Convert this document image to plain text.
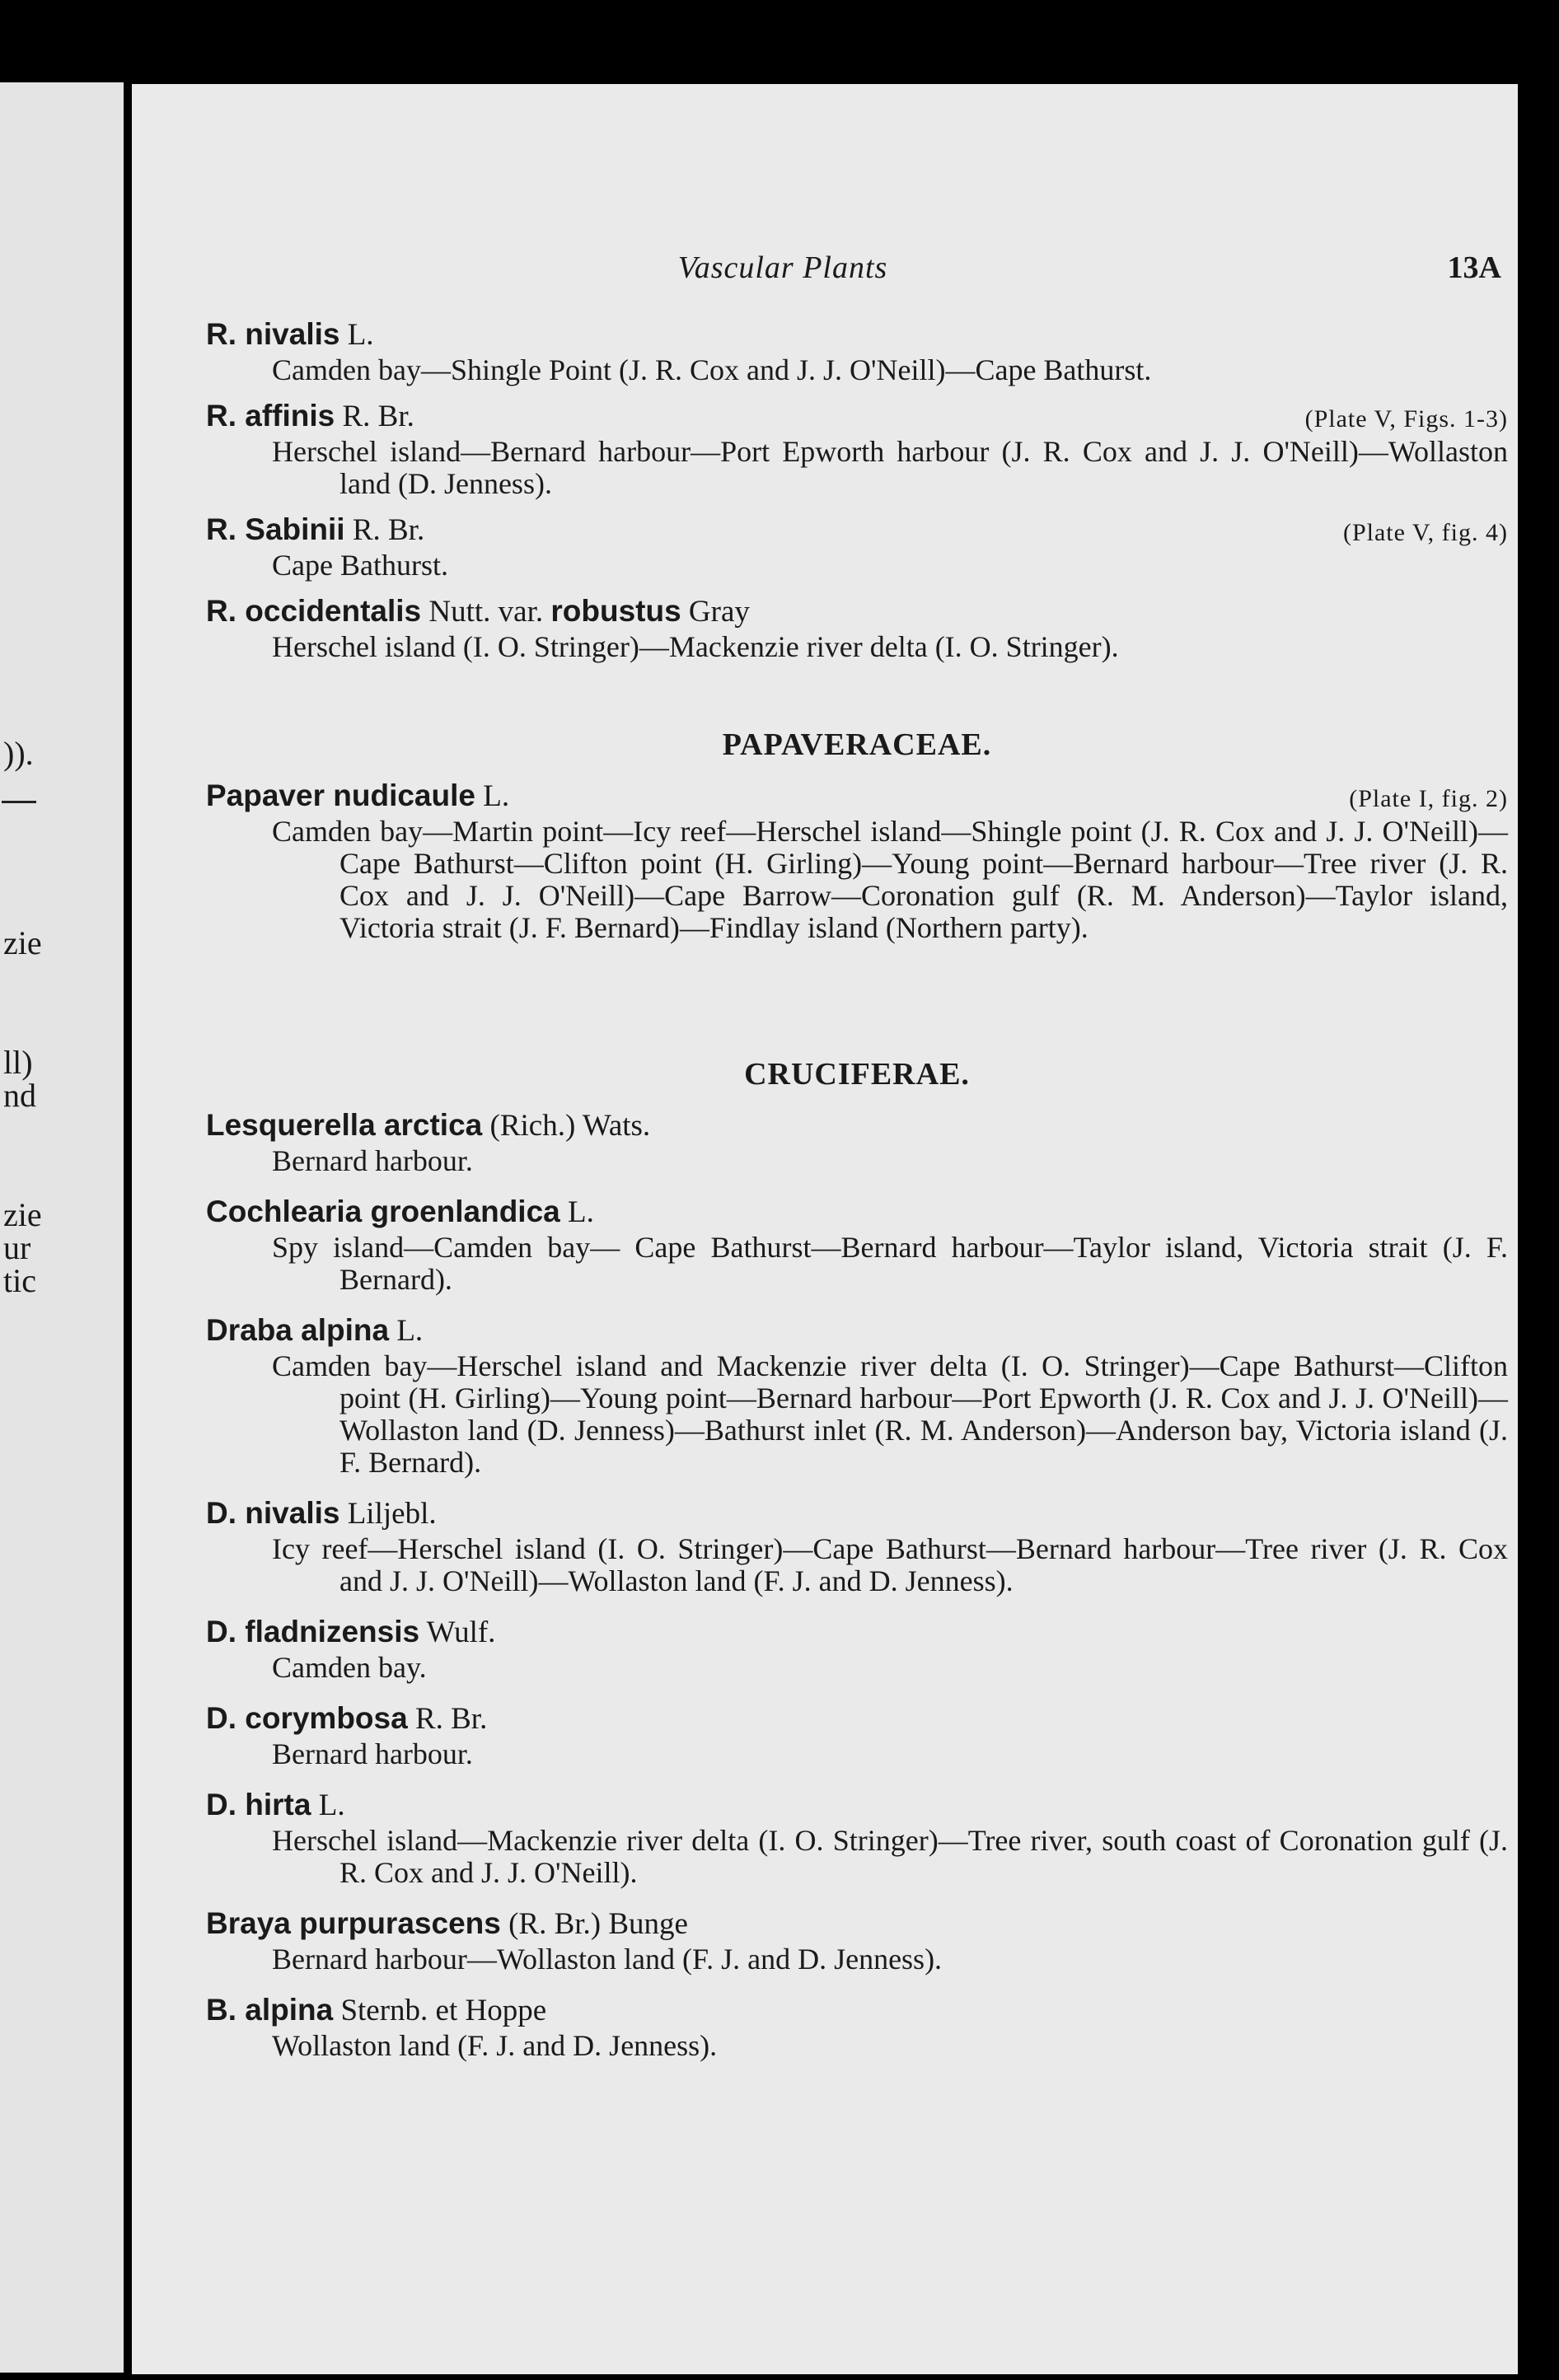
)).
zie
ll)
nd
zie
ur
tic
Vascular Plants	13A
R. nivalis L.
Camden bay—Shingle Point (J. R. Cox and J. J. O'Neill)—Cape Bathurst.
R. affinis R. Br.	(Plate V, Figs. 1-3)
Herschel island—Bernard harbour—Port Epworth harbour (J. R. Cox and J. J. O'Neill)—Wollaston land (D. Jenness).
R. Sabinii R. Br.	(Plate V, fig. 4)
Cape Bathurst.
R. occidentalis Nutt. var. robustus Gray
Herschel island (I. O. Stringer)—Mackenzie river delta (I. O. Stringer).
PAPAVERACEAE.
Papaver nudicaule L.	(Plate I, fig. 2)
Camden bay—Martin point—Icy reef—Herschel island—Shingle point (J. R. Cox and J. J. O'Neill)—Cape Bathurst—Clifton point (H. Girling)—Young point—Bernard harbour—Tree river (J. R. Cox and J. J. O'Neill)—Cape Barrow—Coronation gulf (R. M. Anderson)—Taylor island, Victoria strait (J. F. Bernard)—Findlay island (Northern party).
CRUCIFERAE.
Lesquerella arctica (Rich.) Wats.
Bernard harbour.
Cochlearia groenlandica L.
Spy island—Camden bay— Cape Bathurst—Bernard harbour—Taylor island, Victoria strait (J. F. Bernard).
Draba alpina L.
Camden bay—Herschel island and Mackenzie river delta (I. O. Stringer)—Cape Bathurst—Clifton point (H. Girling)—Young point—Bernard harbour—Port Epworth (J. R. Cox and J. J. O'Neill)—Wollaston land (D. Jenness)—Bathurst inlet (R. M. Anderson)—Anderson bay, Victoria island (J. F. Bernard).
D. nivalis Liljebl.
Icy reef—Herschel island (I. O. Stringer)—Cape Bathurst—Bernard harbour—Tree river (J. R. Cox and J. J. O'Neill)—Wollaston land (F. J. and D. Jenness).
D. fladnizensis Wulf.
Camden bay.
D. corymbosa R. Br.
Bernard harbour.
D. hirta L.
Herschel island—Mackenzie river delta (I. O. Stringer)—Tree river, south coast of Coronation gulf (J. R. Cox and J. J. O'Neill).
Braya purpurascens (R. Br.) Bunge
Bernard harbour—Wollaston land (F. J. and D. Jenness).
B. alpina Sternb. et Hoppe
Wollaston land (F. J. and D. Jenness).
